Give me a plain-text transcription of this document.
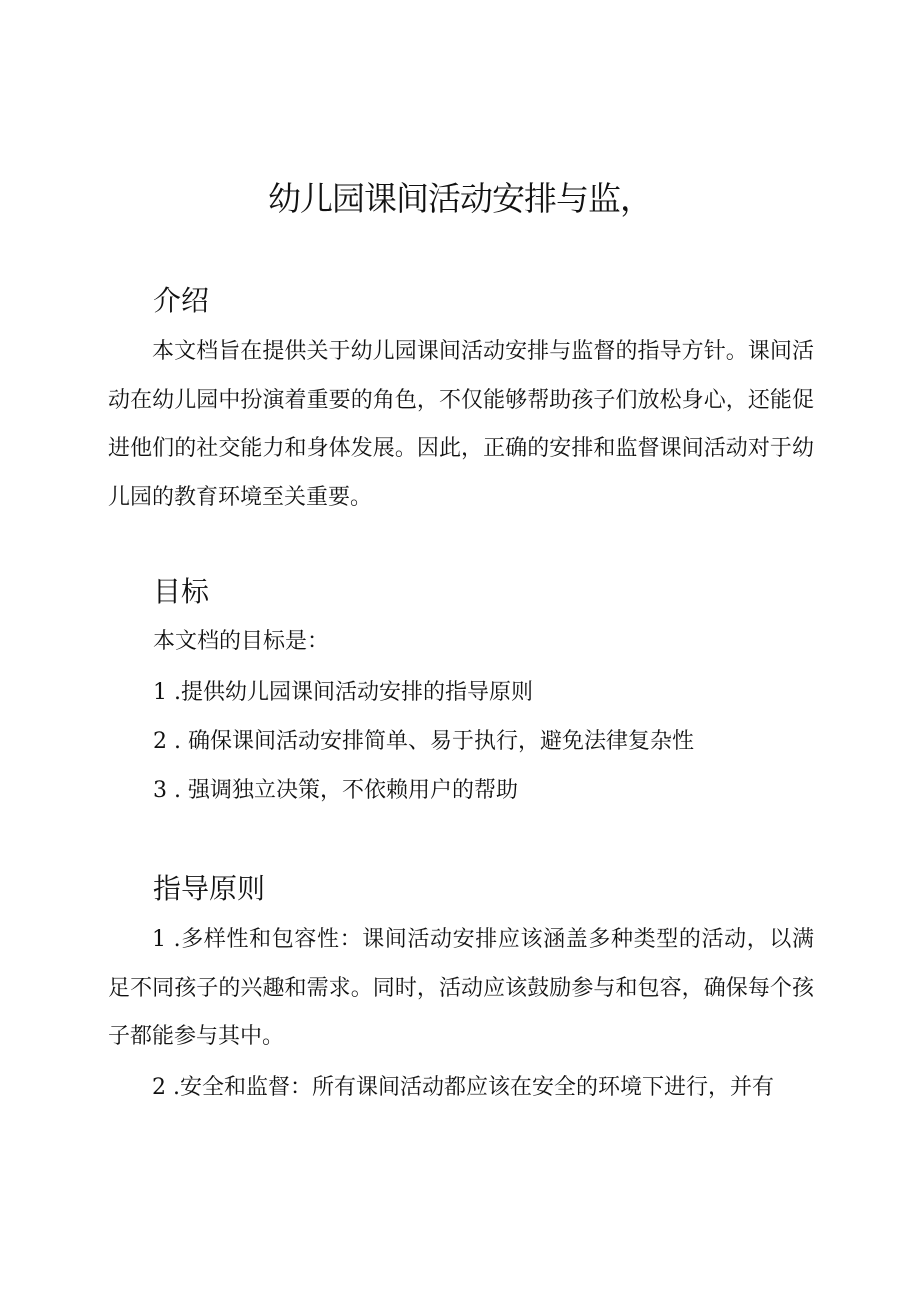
幼儿园课间活动安排与监，
介绍

本文档旨在提供关于幼儿园课间活动安排与监督的指导方针。课间活动在幼儿园中扮演着重要的角色，不仅能够帮助孩子们放松身心，还能促进他们的社交能力和身体发展。因此，正确的安排和监督课间活动对于幼儿园的教育环境至关重要。

目标

本文档的目标是：

1 .提供幼儿园课间活动安排的指导原则

2 . 确保课间活动安排简单、易于执行，避免法律复杂性

3 . 强调独立决策，不依赖用户的帮助

指导原则

1 .多样性和包容性：课间活动安排应该涵盖多种类型的活动，以满足不同孩子的兴趣和需求。同时，活动应该鼓励参与和包容，确保每个孩子都能参与其中。

2 .安全和监督：所有课间活动都应该在安全的环境下进行，并有
